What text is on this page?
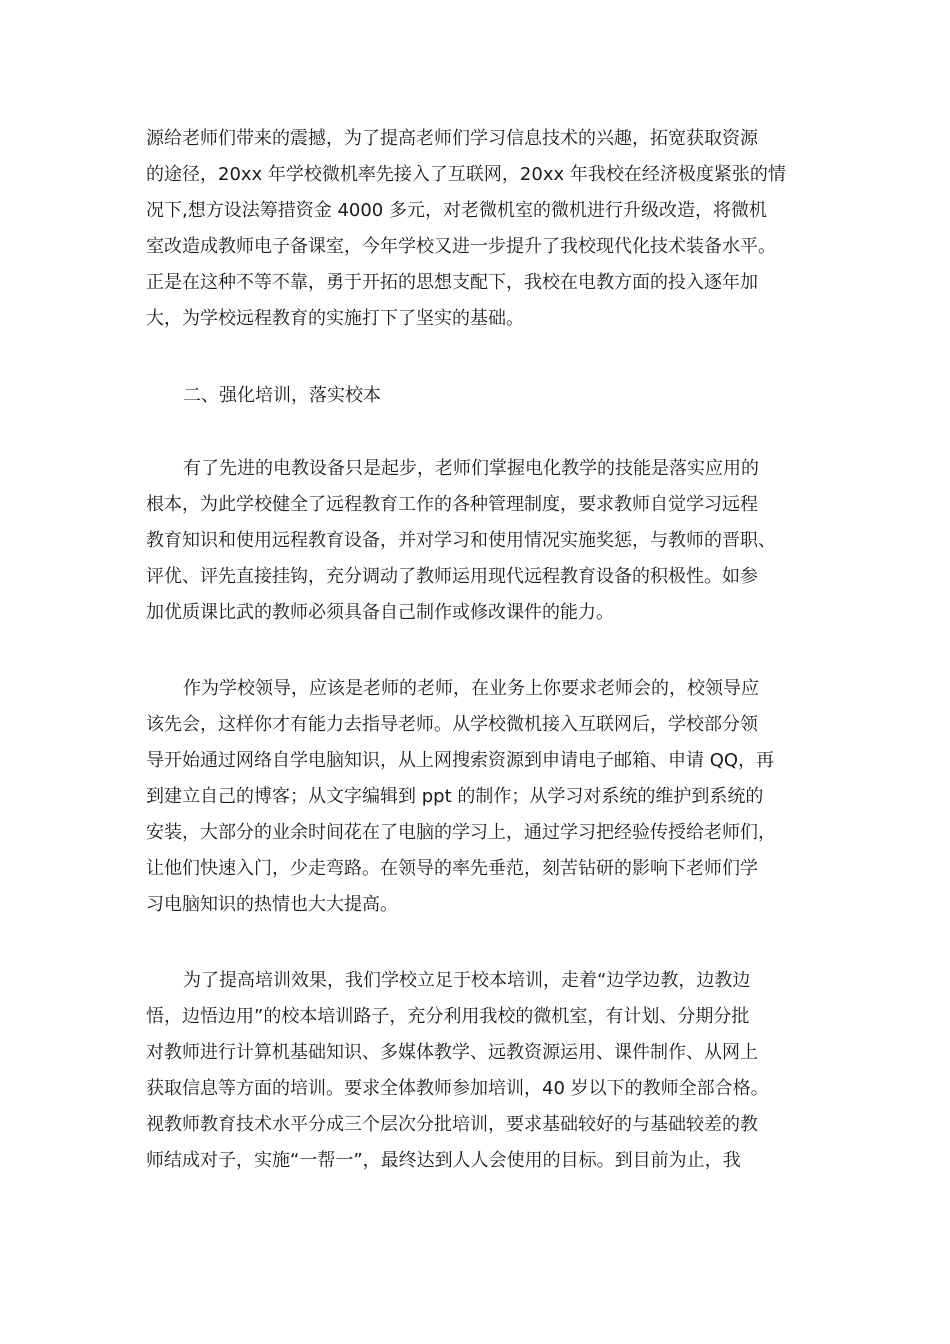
源给老师们带来的震撼，为了提高老师们学习信息技术的兴趣，拓宽获取资源

的途径，20xx 年学校微机率先接入了互联网，20xx 年我校在经济极度紧张的情

况下,想方设法筹措资金 4000 多元，对老微机室的微机进行升级改造，将微机

室改造成教师电子备课室，今年学校又进一步提升了我校现代化技术装备水平。

正是在这种不等不靠，勇于开拓的思想支配下，我校在电教方面的投入逐年加

大，为学校远程教育的实施打下了坚实的基础。

二、强化培训，落实校本

有了先进的电教设备只是起步，老师们掌握电化教学的技能是落实应用的

根本，为此学校健全了远程教育工作的各种管理制度，要求教师自觉学习远程

教育知识和使用远程教育设备，并对学习和使用情况实施奖惩，与教师的晋职、

评优、评先直接挂钩，充分调动了教师运用现代远程教育设备的积极性。如参

加优质课比武的教师必须具备自己制作或修改课件的能力。

作为学校领导，应该是老师的老师，在业务上你要求老师会的，校领导应

该先会，这样你才有能力去指导老师。从学校微机接入互联网后，学校部分领

导开始通过网络自学电脑知识，从上网搜索资源到申请电子邮箱、申请 QQ，再

到建立自己的博客；从文字编辑到 ppt 的制作；从学习对系统的维护到系统的

安装，大部分的业余时间花在了电脑的学习上，通过学习把经验传授给老师们，

让他们快速入门，少走弯路。在领导的率先垂范，刻苦钻研的影响下老师们学

习电脑知识的热情也大大提高。

为了提高培训效果，我们学校立足于校本培训，走着“边学边教，边教边

悟，边悟边用”的校本培训路子，充分利用我校的微机室，有计划、分期分批

对教师进行计算机基础知识、多媒体教学、远教资源运用、课件制作、从网上

获取信息等方面的培训。要求全体教师参加培训，40 岁以下的教师全部合格。

视教师教育技术水平分成三个层次分批培训，要求基础较好的与基础较差的教

师结成对子，实施“一帮一”，最终达到人人会使用的目标。到目前为止，我
